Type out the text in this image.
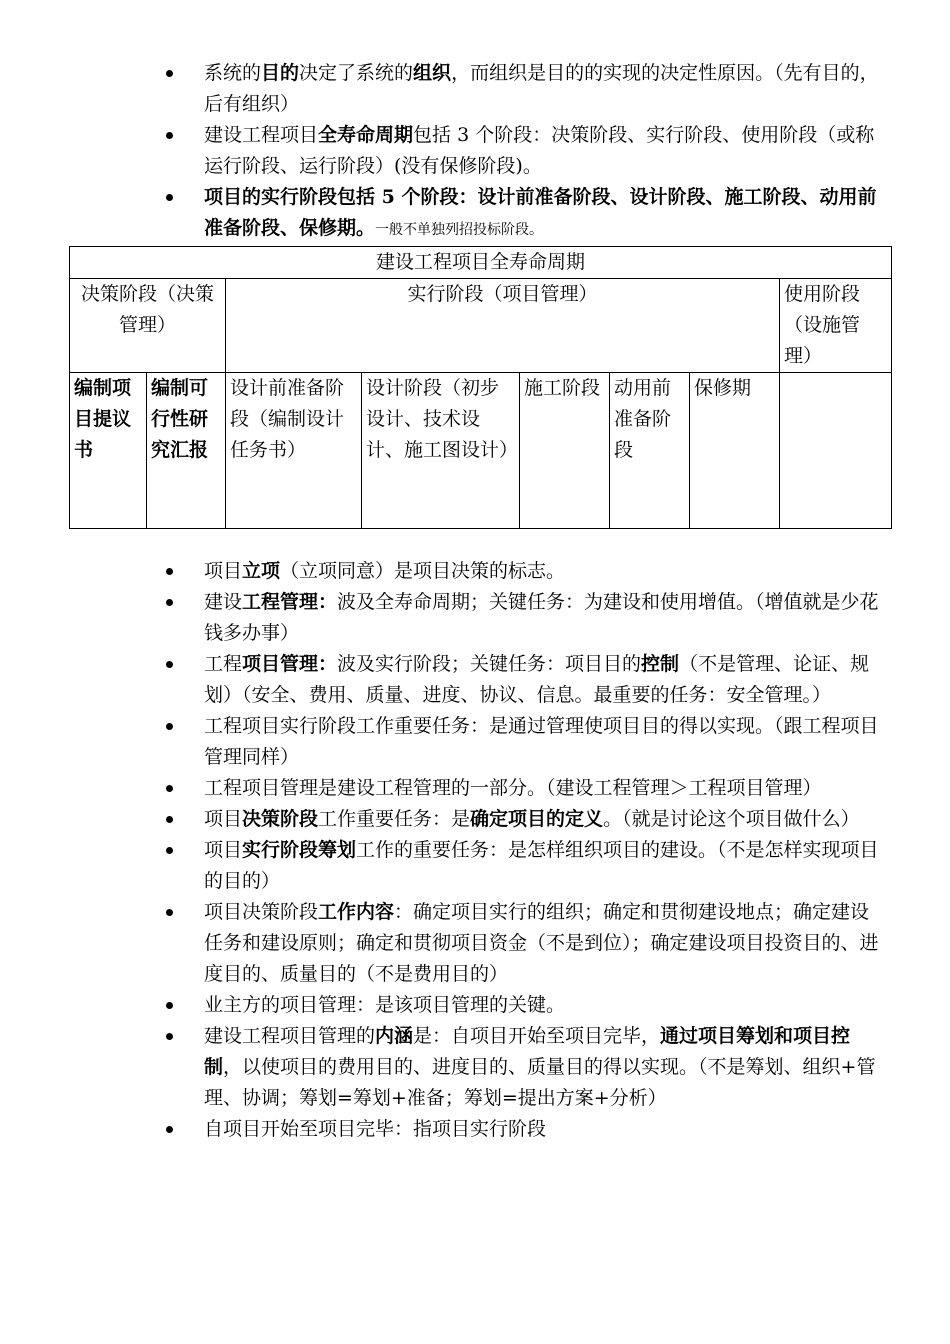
系统的目的决定了系统的组织，而组织是目的的实现的决定性原因。（先有目的，后有组织）
建设工程项目全寿命周期包括 3 个阶段：决策阶段、实行阶段、使用阶段（或称运行阶段、运行阶段）(没有保修阶段)。
项目的实行阶段包括 5 个阶段：设计前准备阶段、设计阶段、施工阶段、动用前准备阶段、保修期。一般不单独列招投标阶段。
建设工程项目全寿命周期							
决策阶段（决策管理）		实行阶段（项目管理）					使用阶段（设施管理）
编制项目提议书	编制可行性研究汇报	设计前准备阶段（编制设计任务书）	设计阶段（初步设计、技术设计、施工图设计）	施工阶段	动用前准备阶段	保修期	
项目立项（立项同意）是项目决策的标志。
建设工程管理：波及全寿命周期；关键任务：为建设和使用增值。（增值就是少花钱多办事）
工程项目管理：波及实行阶段；关键任务：项目目的控制（不是管理、论证、规划）（安全、费用、质量、进度、协议、信息。最重要的任务：安全管理。）
工程项目实行阶段工作重要任务：是通过管理使项目目的得以实现。（跟工程项目管理同样）
工程项目管理是建设工程管理的一部分。（建设工程管理＞工程项目管理）
项目决策阶段工作重要任务：是确定项目的定义。（就是讨论这个项目做什么）
项目实行阶段筹划工作的重要任务：是怎样组织项目的建设。（不是怎样实现项目的目的）
项目决策阶段工作内容：确定项目实行的组织；确定和贯彻建设地点；确定建设任务和建设原则；确定和贯彻项目资金（不是到位）；确定建设项目投资目的、进度目的、质量目的（不是费用目的）
业主方的项目管理：是该项目管理的关键。
建设工程项目管理的内涵是：自项目开始至项目完毕，通过项目筹划和项目控制，以使项目的费用目的、进度目的、质量目的得以实现。（不是筹划、组织+管理、协调；筹划=筹划+准备；筹划=提出方案+分析）
自项目开始至项目完毕：指项目实行阶段
